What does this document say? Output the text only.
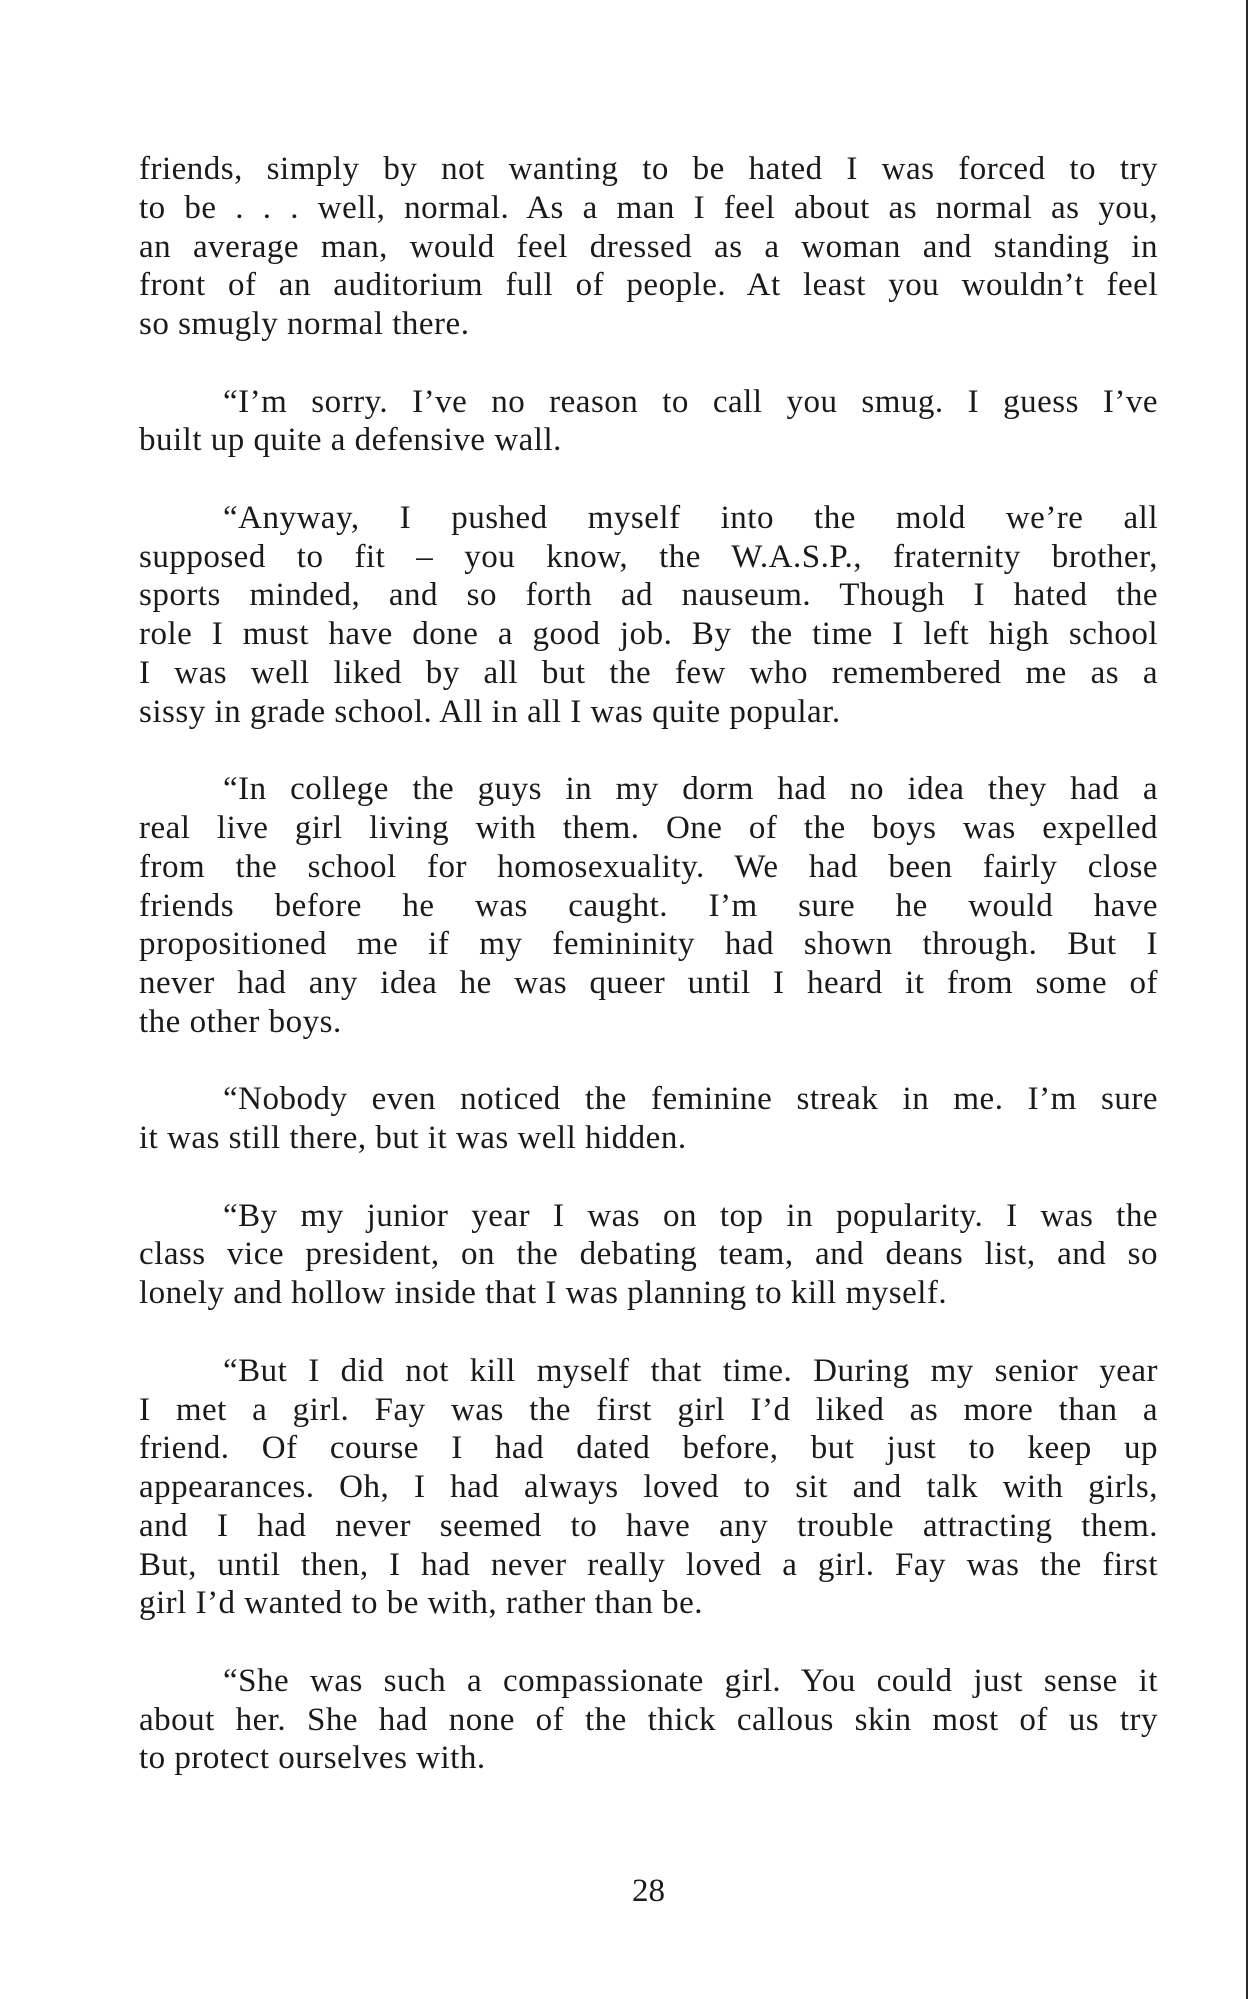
friends, simply by not wanting to be hated I was forced to try
to be . . . well, normal. As a man I feel about as normal as you,
an average man, would feel dressed as a woman and standing in
front of an auditorium full of people. At least you wouldn’t feel
so smugly normal there.
“I’m sorry. I’ve no reason to call you smug. I guess I’ve
built up quite a defensive wall.
“Anyway, I pushed myself into the mold we’re all
supposed to fit – you know, the W.A.S.P., fraternity brother,
sports minded, and so forth ad nauseum. Though I hated the
role I must have done a good job. By the time I left high school
I was well liked by all but the few who remembered me as a
sissy in grade school. All in all I was quite popular.
“In college the guys in my dorm had no idea they had a
real live girl living with them. One of the boys was expelled
from the school for homosexuality. We had been fairly close
friends before he was caught. I’m sure he would have
propositioned me if my femininity had shown through. But I
never had any idea he was queer until I heard it from some of
the other boys.
“Nobody even noticed the feminine streak in me. I’m sure
it was still there, but it was well hidden.
“By my junior year I was on top in popularity. I was the
class vice president, on the debating team, and deans list, and so
lonely and hollow inside that I was planning to kill myself.
“But I did not kill myself that time. During my senior year
I met a girl. Fay was the first girl I’d liked as more than a
friend. Of course I had dated before, but just to keep up
appearances. Oh, I had always loved to sit and talk with girls,
and I had never seemed to have any trouble attracting them.
But, until then, I had never really loved a girl. Fay was the first
girl I’d wanted to be with, rather than be.
“She was such a compassionate girl. You could just sense it
about her. She had none of the thick callous skin most of us try
to protect ourselves with.
28
